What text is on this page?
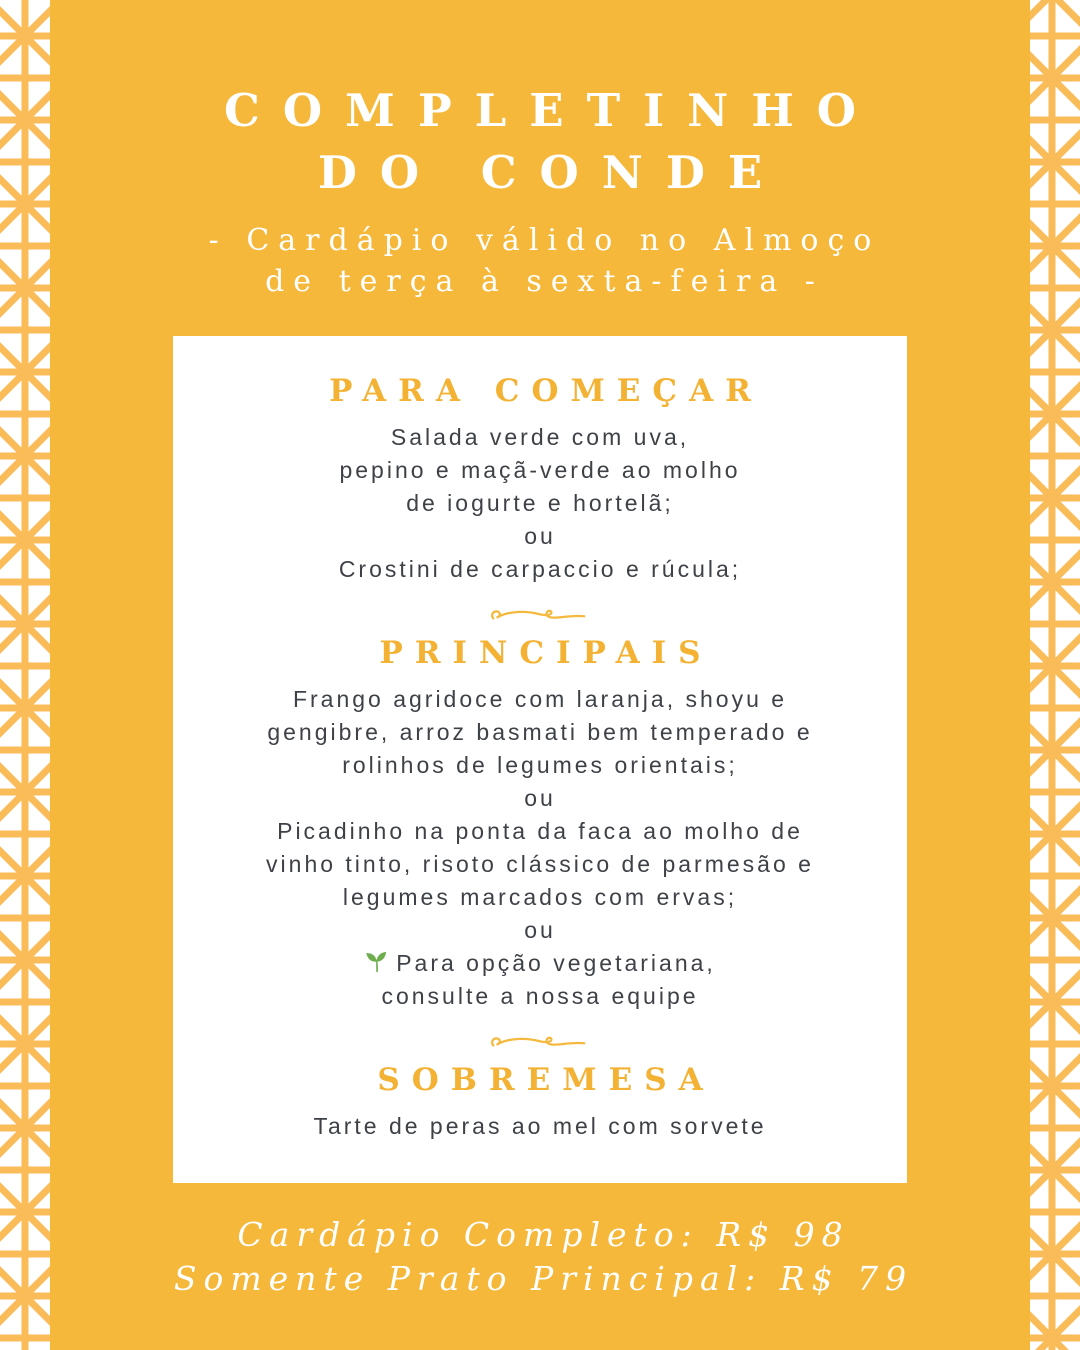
COMPLETINHO
DO CONDE
- Cardápio válido no Almoço
de terça à sexta-feira -
PARA COMEÇAR

Salada verde com uva,

pepino e maçã-verde ao molho

de iogurte e hortelã;

ou

Crostini de carpaccio e rúcula;

PRINCIPAIS

Frango agridoce com laranja, shoyu e

gengibre, arroz basmati bem temperado e

rolinhos de legumes orientais;

ou

Picadinho na ponta da faca ao molho de

vinho tinto, risoto clássico de parmesão e

legumes marcados com ervas;

ou

Para opção vegetariana,

consulte a nossa equipe

SOBREMESA

Tarte de peras ao mel com sorvete

Cardápio Completo: R$ 98
Somente Prato Principal: R$ 79
